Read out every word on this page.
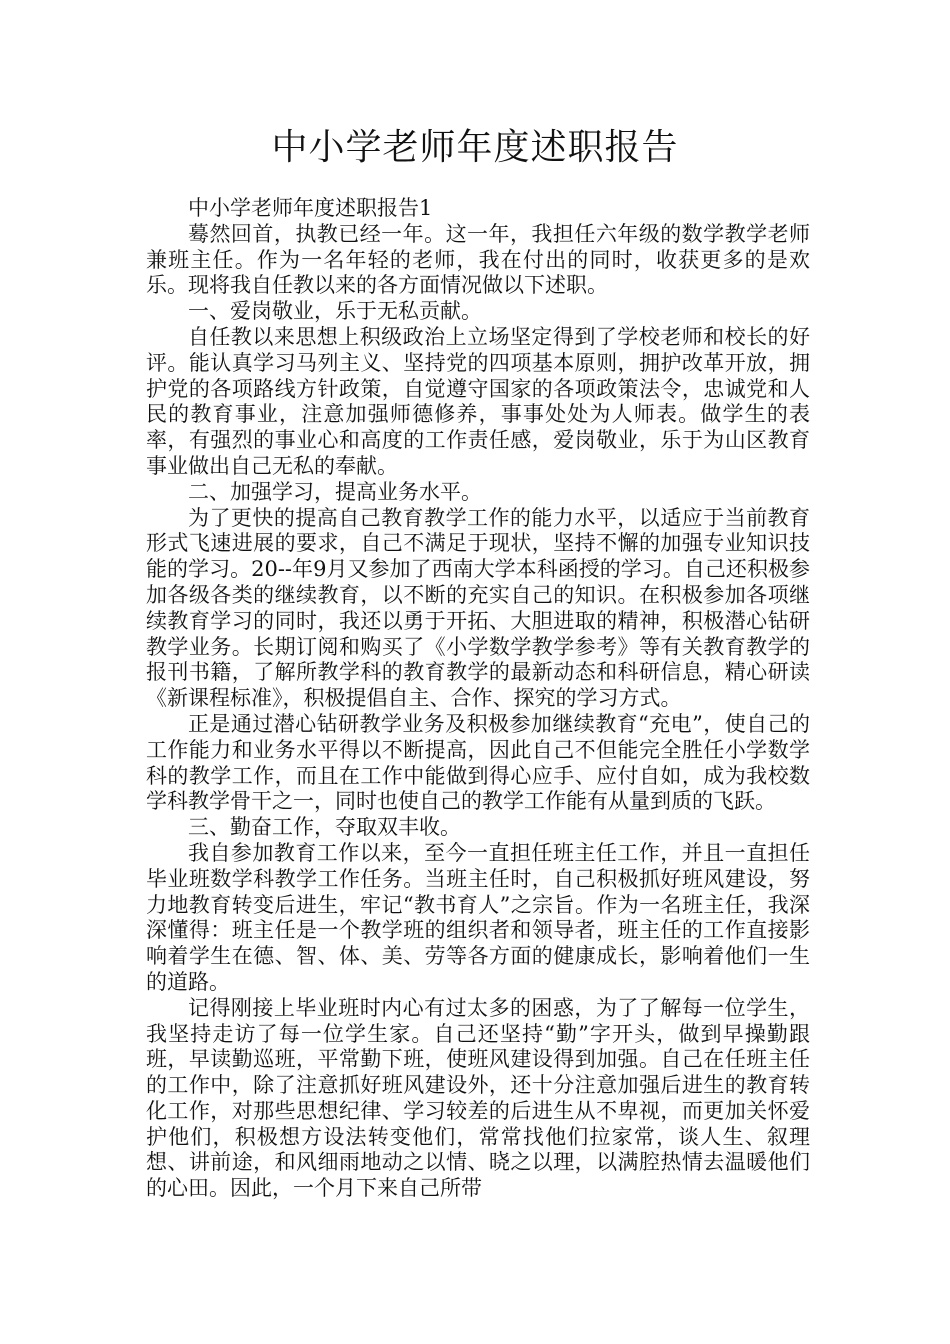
中小学老师年度述职报告

中小学老师年度述职报告1

蓦然回首，执教已经一年。这一年，我担任六年级的数学教学老师兼班主任。作为一名年轻的老师，我在付出的同时，收获更多的是欢乐。现将我自任教以来的各方面情况做以下述职。

一、爱岗敬业，乐于无私贡献。

自任教以来思想上积级政治上立场坚定得到了学校老师和校长的好评。能认真学习马列主义、坚持党的四项基本原则，拥护改革开放，拥护党的各项路线方针政策，自觉遵守国家的各项政策法令，忠诚党和人民的教育事业，注意加强师德修养，事事处处为人师表。做学生的表率，有强烈的事业心和高度的工作责任感，爱岗敬业，乐于为山区教育事业做出自己无私的奉献。

二、加强学习，提高业务水平。

为了更快的提高自己教育教学工作的能力水平，以适应于当前教育形式飞速进展的要求，自己不满足于现状，坚持不懈的加强专业知识技能的学习。20--年9月又参加了西南大学本科函授的学习。自己还积极参加各级各类的继续教育，以不断的充实自己的知识。在积极参加各项继续教育学习的同时，我还以勇于开拓、大胆进取的精神，积极潜心钻研教学业务。长期订阅和购买了《小学数学教学参考》等有关教育教学的报刊书籍，了解所教学科的教育教学的最新动态和科研信息，精心研读《新课程标准》，积极提倡自主、合作、探究的学习方式。

正是通过潜心钻研教学业务及积极参加继续教育“充电”，使自己的工作能力和业务水平得以不断提高，因此自己不但能完全胜任小学数学科的教学工作，而且在工作中能做到得心应手、应付自如，成为我校数学科教学骨干之一，同时也使自己的教学工作能有从量到质的飞跃。

三、勤奋工作，夺取双丰收。

我自参加教育工作以来，至今一直担任班主任工作，并且一直担任毕业班数学科教学工作任务。当班主任时，自己积极抓好班风建设，努力地教育转变后进生，牢记“教书育人”之宗旨。作为一名班主任，我深深懂得：班主任是一个教学班的组织者和领导者，班主任的工作直接影响着学生在德、智、体、美、劳等各方面的健康成长，影响着他们一生的道路。

记得刚接上毕业班时内心有过太多的困惑，为了了解每一位学生，我坚持走访了每一位学生家。自己还坚持“勤”字开头，做到早操勤跟班，早读勤巡班，平常勤下班，使班风建设得到加强。自己在任班主任的工作中，除了注意抓好班风建设外，还十分注意加强后进生的教育转化工作，对那些思想纪律、学习较差的后进生从不卑视，而更加关怀爱护他们，积极想方设法转变他们，常常找他们拉家常，谈人生、叙理想、讲前途，和风细雨地动之以情、晓之以理，以满腔热情去温暖他们的心田。因此，一个月下来自己所带
